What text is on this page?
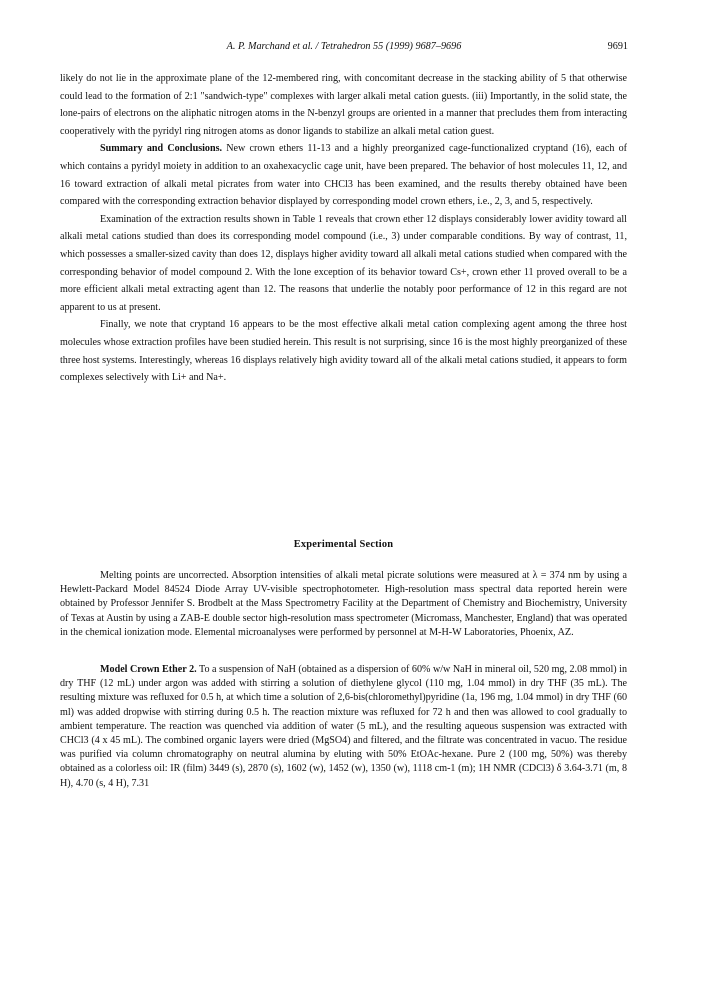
A. P. Marchand et al. / Tetrahedron 55 (1999) 9687–9696	9691

likely do not lie in the approximate plane of the 12-membered ring, with concomitant decrease in the stacking ability of 5 that otherwise could lead to the formation of 2:1 "sandwich-type" complexes with larger alkali metal cation guests. (iii) Importantly, in the solid state, the lone-pairs of electrons on the aliphatic nitrogen atoms in the N-benzyl groups are oriented in a manner that precludes them from interacting cooperatively with the pyridyl ring nitrogen atoms as donor ligands to stabilize an alkali metal cation guest.

Summary and Conclusions. New crown ethers 11-13 and a highly preorganized cage-functionalized cryptand (16), each of which contains a pyridyl moiety in addition to an oxahexacyclic cage unit, have been prepared. The behavior of host molecules 11, 12, and 16 toward extraction of alkali metal picrates from water into CHCl3 has been examined, and the results thereby obtained have been compared with the corresponding extraction behavior displayed by corresponding model crown ethers, i.e., 2, 3, and 5, respectively.

Examination of the extraction results shown in Table 1 reveals that crown ether 12 displays considerably lower avidity toward all alkali metal cations studied than does its corresponding model compound (i.e., 3) under comparable conditions. By way of contrast, 11, which possesses a smaller-sized cavity than does 12, displays higher avidity toward all alkali metal cations studied when compared with the corresponding behavior of model compound 2. With the lone exception of its behavior toward Cs+, crown ether 11 proved overall to be a more efficient alkali metal extracting agent than 12. The reasons that underlie the notably poor performance of 12 in this regard are not apparent to us at present.

Finally, we note that cryptand 16 appears to be the most effective alkali metal cation complexing agent among the three host molecules whose extraction profiles have been studied herein. This result is not surprising, since 16 is the most highly preorganized of these three host systems. Interestingly, whereas 16 displays relatively high avidity toward all of the alkali metal cations studied, it appears to form complexes selectively with Li+ and Na+.

Experimental Section

Melting points are uncorrected. Absorption intensities of alkali metal picrate solutions were measured at λ = 374 nm by using a Hewlett-Packard Model 84524 Diode Array UV-visible spectrophotometer. High-resolution mass spectral data reported herein were obtained by Professor Jennifer S. Brodbelt at the Mass Spectrometry Facility at the Department of Chemistry and Biochemistry, University of Texas at Austin by using a ZAB-E double sector high-resolution mass spectrometer (Micromass, Manchester, England) that was operated in the chemical ionization mode. Elemental microanalyses were performed by personnel at M-H-W Laboratories, Phoenix, AZ.

Model Crown Ether 2. To a suspension of NaH (obtained as a dispersion of 60% w/w NaH in mineral oil, 520 mg, 2.08 mmol) in dry THF (12 mL) under argon was added with stirring a solution of diethylene glycol (110 mg, 1.04 mmol) in dry THF (35 mL). The resulting mixture was refluxed for 0.5 h, at which time a solution of 2,6-bis(chloromethyl)pyridine (1a, 196 mg, 1.04 mmol) in dry THF (60 ml) was added dropwise with stirring during 0.5 h. The reaction mixture was refluxed for 72 h and then was allowed to cool gradually to ambient temperature. The reaction was quenched via addition of water (5 mL), and the resulting aqueous suspension was extracted with CHCl3 (4 x 45 mL). The combined organic layers were dried (MgSO4) and filtered, and the filtrate was concentrated in vacuo. The residue was purified via column chromatography on neutral alumina by eluting with 50% EtOAc-hexane. Pure 2 (100 mg, 50%) was thereby obtained as a colorless oil: IR (film) 3449 (s), 2870 (s), 1602 (w), 1452 (w), 1350 (w), 1118 cm-1 (m); 1H NMR (CDCl3) δ 3.64-3.71 (m, 8 H), 4.70 (s, 4 H), 7.31
